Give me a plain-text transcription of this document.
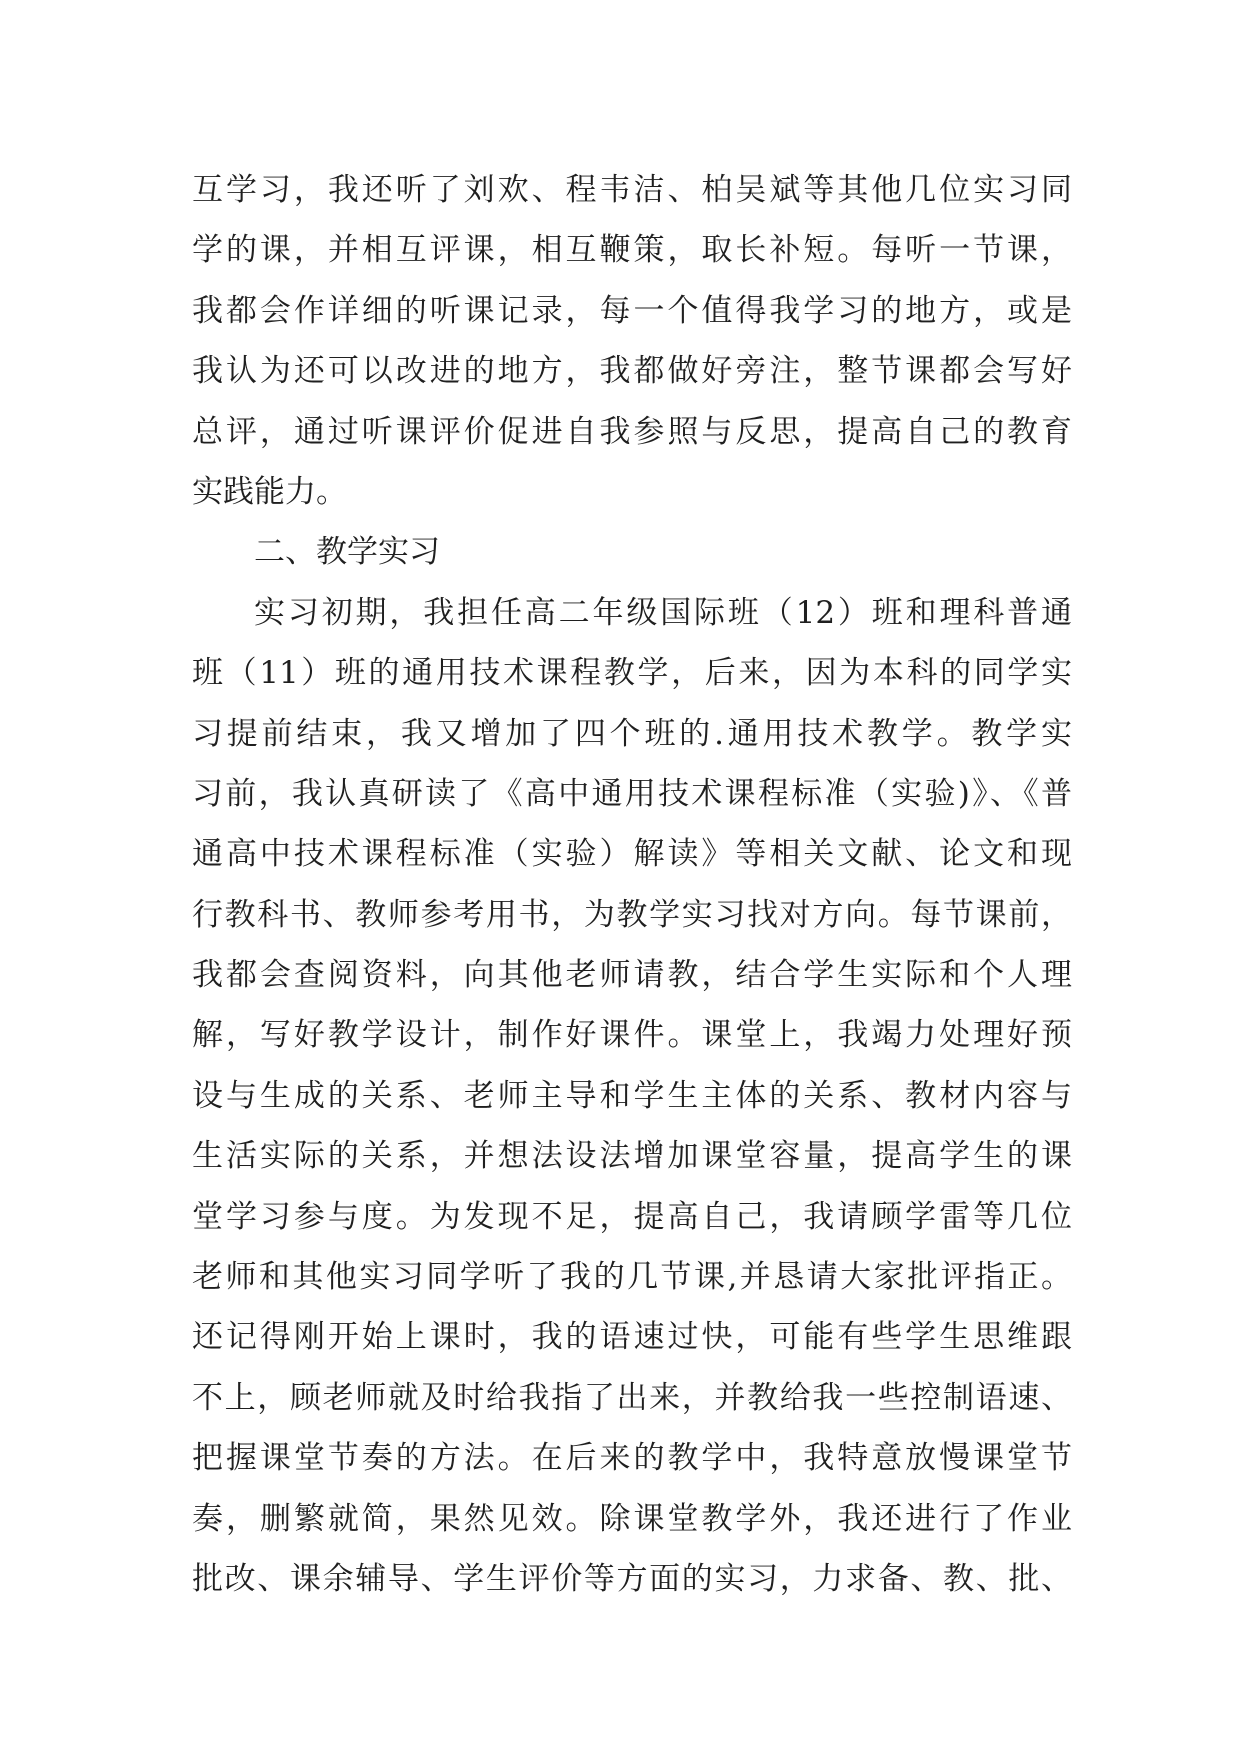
互学习，我还听了刘欢、程韦洁、柏吴斌等其他几位实习同
学的课，并相互评课，相互鞭策，取长补短。每听一节课，
我都会作详细的听课记录，每一个值得我学习的地方，或是
我认为还可以改进的地方，我都做好旁注，整节课都会写好
总评，通过听课评价促进自我参照与反思，提高自己的教育
实践能力。
二、教学实习
实习初期，我担任高二年级国际班（12）班和理科普通
班（11）班的通用技术课程教学，后来，因为本科的同学实
习提前结束，我又增加了四个班的.通用技术教学。教学实
习前，我认真研读了《高中通用技术课程标准（实验)》、《普
通高中技术课程标准（实验）解读》等相关文献、论文和现
行教科书、教师参考用书，为教学实习找对方向。每节课前，
我都会查阅资料，向其他老师请教，结合学生实际和个人理
解，写好教学设计，制作好课件。课堂上，我竭力处理好预
设与生成的关系、老师主导和学生主体的关系、教材内容与
生活实际的关系，并想法设法增加课堂容量，提高学生的课
堂学习参与度。为发现不足，提高自己，我请顾学雷等几位
老师和其他实习同学听了我的几节课,并恳请大家批评指正。
还记得刚开始上课时，我的语速过快，可能有些学生思维跟
不上，顾老师就及时给我指了出来，并教给我一些控制语速、
把握课堂节奏的方法。在后来的教学中，我特意放慢课堂节
奏，删繁就简，果然见效。除课堂教学外，我还进行了作业
批改、课余辅导、学生评价等方面的实习，力求备、教、批、
